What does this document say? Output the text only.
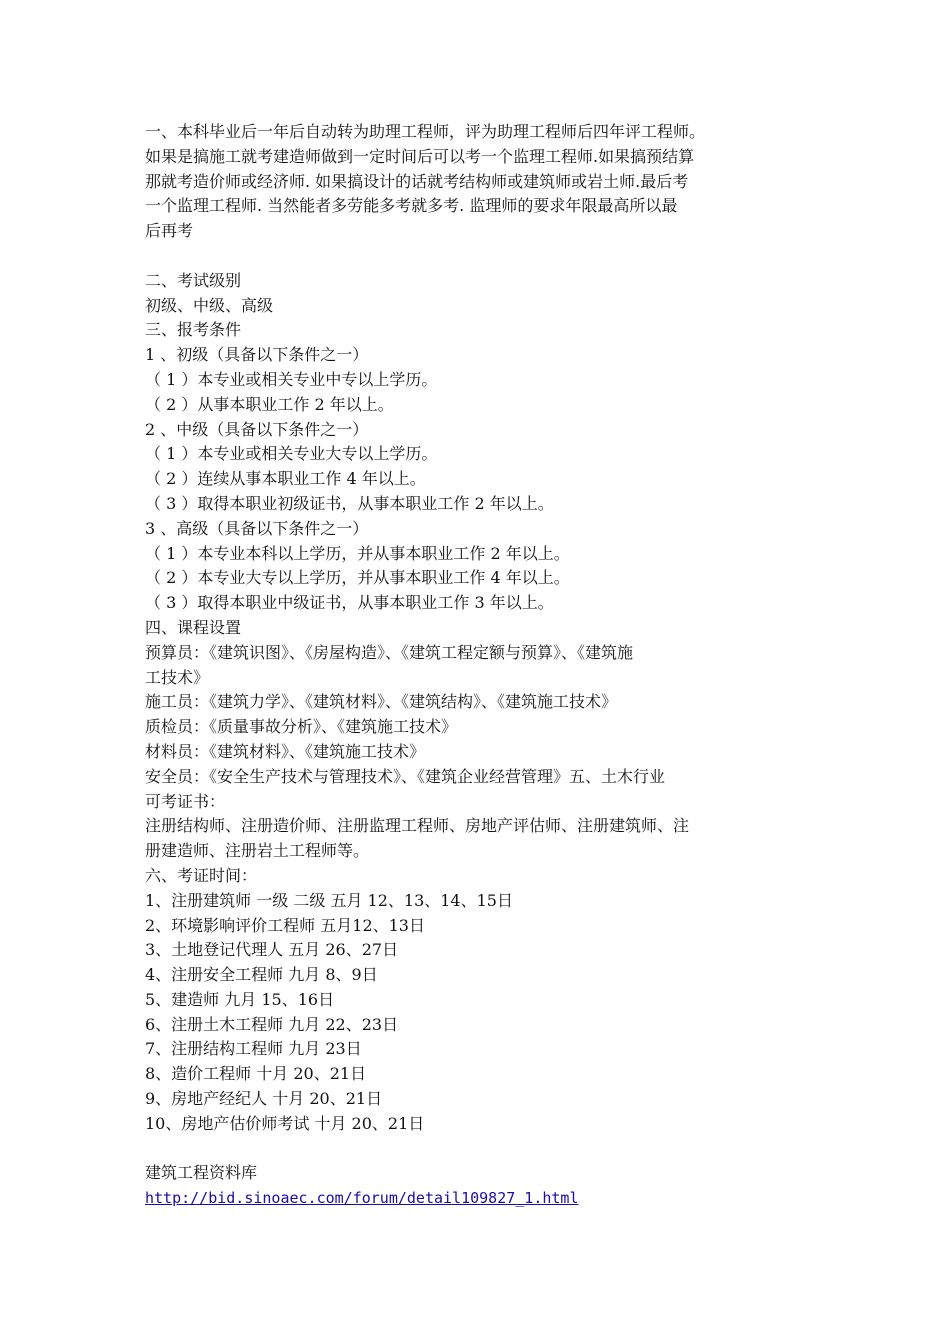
一、本科毕业后一年后自动转为助理工程师，评为助理工程师后四年评工程师。
如果是搞施工就考建造师做到一定时间后可以考一个监理工程师.如果搞预结算
那就考造价师或经济师. 如果搞设计的话就考结构师或建筑师或岩土师.最后考
一个监理工程师. 当然能者多劳能多考就多考. 监理师的要求年限最高所以最
后再考
二、考试级别
初级、中级、高级
三、报考条件
1 、初级（具备以下条件之一）
（ 1 ）本专业或相关专业中专以上学历。
（ 2 ）从事本职业工作 2 年以上。
2 、中级（具备以下条件之一）
（ 1 ）本专业或相关专业大专以上学历。
（ 2 ）连续从事本职业工作 4 年以上。
（ 3 ）取得本职业初级证书，从事本职业工作 2 年以上。
3 、高级（具备以下条件之一）
（ 1 ）本专业本科以上学历，并从事本职业工作 2 年以上。
（ 2 ）本专业大专以上学历，并从事本职业工作 4 年以上。
（ 3 ）取得本职业中级证书，从事本职业工作 3 年以上。
四、课程设置
预算员：《建筑识图》、《房屋构造》、《建筑工程定额与预算》、《建筑施
工技术》
施工员：《建筑力学》、《建筑材料》、《建筑结构》、《建筑施工技术》
质检员：《质量事故分析》、《建筑施工技术》
材料员：《建筑材料》、《建筑施工技术》
安全员：《安全生产技术与管理技术》、《建筑企业经营管理》五、土木行业
可考证书：
注册结构师、注册造价师、注册监理工程师、房地产评估师、注册建筑师、注
册建造师、注册岩土工程师等。
六、考证时间：
1、注册建筑师 一级 二级 五月 12、13、14、15日
2、环境影响评价工程师 五月12、13日
3、土地登记代理人 五月 26、27日
4、注册安全工程师 九月 8、9日
5、建造师 九月 15、16日
6、注册土木工程师 九月 22、23日
7、注册结构工程师 九月 23日
8、造价工程师 十月 20、21日
9、房地产经纪人 十月 20、21日
10、房地产估价师考试 十月 20、21日
建筑工程资料库
http://bid.sinoaec.com/forum/detail109827_1.html
